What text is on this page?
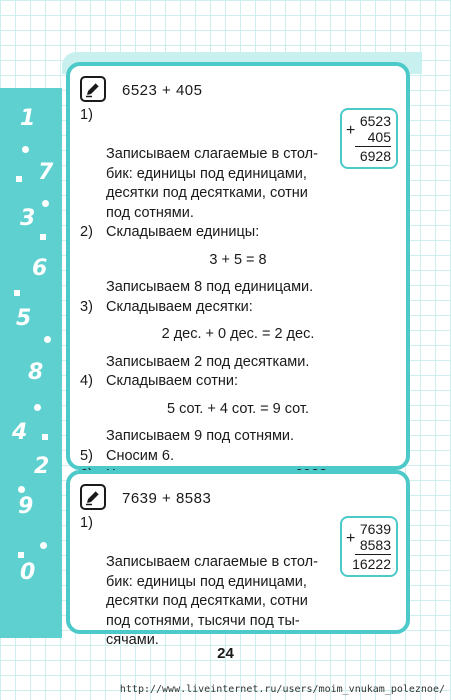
1
7
3
6
5
8
4
2
9
0
6523 + 405
+
6523
405
6928

1)

Записываем слагаемые в стол-
бик: единицы под единицами,
десятки под десятками, сотни
под сотнями.

2) Складываем единицы:
3 + 5 = 8
Записываем 8 под единицами.
3) Складываем десятки:
2 дес. + 0 дес. = 2 дес.
Записываем 2 под десятками.
4) Складываем сотни:
5 сот. + 4 сот. = 9 сот.
Записываем 9 под сотнями.
5) Сносим 6.
7639 + 8583
+
7639
8583
16222

1)

Записываем слагаемые в стол-
бик: единицы под единицами,
десятки под десятками, сотни
под сотнями, тысячи под ты-
сячами.

24
http://www.liveinternet.ru/users/moim_vnukam_poleznoe/
